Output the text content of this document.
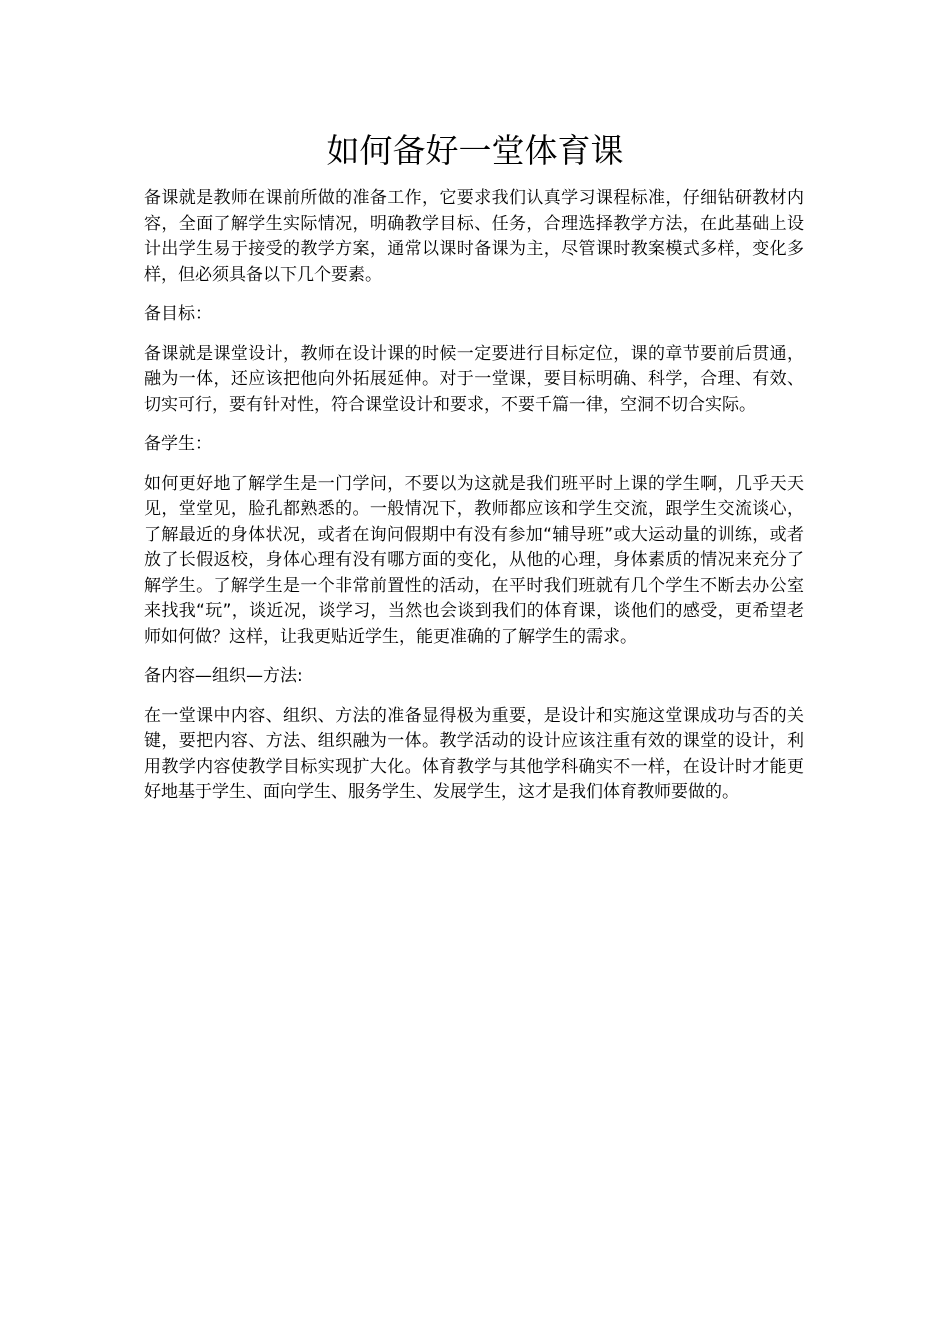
如何备好一堂体育课

备课就是教师在课前所做的准备工作，它要求我们认真学习课程标准，仔细钻研教材内容，全面了解学生实际情况，明确教学目标、任务，合理选择教学方法，在此基础上设计出学生易于接受的教学方案，通常以课时备课为主，尽管课时教案模式多样，变化多样，但必须具备以下几个要素。

备目标：

备课就是课堂设计，教师在设计课的时候一定要进行目标定位，课的章节要前后贯通，融为一体，还应该把他向外拓展延伸。对于一堂课，要目标明确、科学，合理、有效、切实可行，要有针对性，符合课堂设计和要求，不要千篇一律，空洞不切合实际。

备学生：

如何更好地了解学生是一门学问，不要以为这就是我们班平时上课的学生啊，几乎天天见，堂堂见，脸孔都熟悉的。一般情况下，教师都应该和学生交流，跟学生交流谈心，了解最近的身体状况，或者在询问假期中有没有参加“辅导班”或大运动量的训练，或者放了长假返校，身体心理有没有哪方面的变化，从他的心理，身体素质的情况来充分了解学生。了解学生是一个非常前置性的活动，在平时我们班就有几个学生不断去办公室来找我“玩”，谈近况，谈学习，当然也会谈到我们的体育课，谈他们的感受，更希望老师如何做？这样，让我更贴近学生，能更准确的了解学生的需求。

备内容—组织—方法:

在一堂课中内容、组织、方法的准备显得极为重要，是设计和实施这堂课成功与否的关键，要把内容、方法、组织融为一体。教学活动的设计应该注重有效的课堂的设计，利用教学内容使教学目标实现扩大化。体育教学与其他学科确实不一样，在设计时才能更好地基于学生、面向学生、服务学生、发展学生，这才是我们体育教师要做的。
